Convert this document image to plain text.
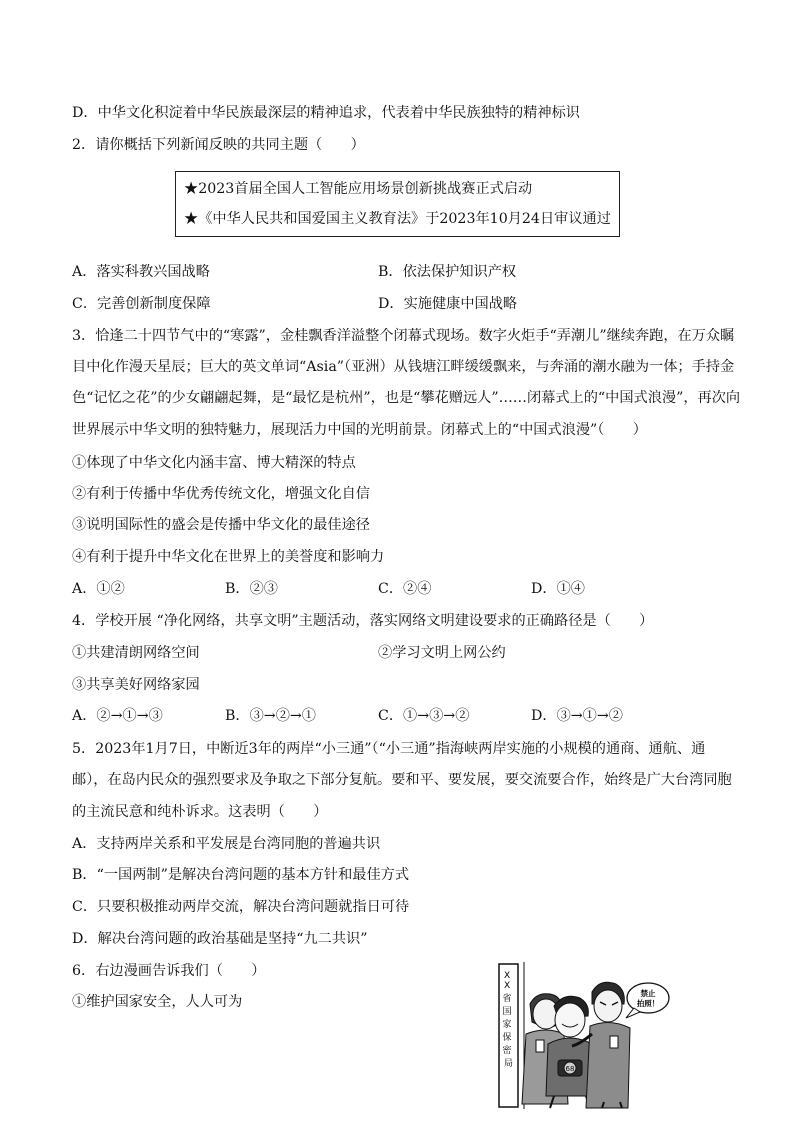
D．中华文化积淀着中华民族最深层的精神追求，代表着中华民族独特的精神标识
2．请你概括下列新闻反映的共同主题（　　）
★2023首届全国人工智能应用场景创新挑战赛正式启动
★《中华人民共和国爱国主义教育法》于2023年10月24日审议通过
A．落实科教兴国战略	B．依法保护知识产权
C．完善创新制度保障	D．实施健康中国战略
3．恰逢二十四节气中的“寒露”，金桂飘香洋溢整个闭幕式现场。数字火炬手“弄潮儿”继续奔跑，在万众瞩
目中化作漫天星辰；巨大的英文单词“Asia”（亚洲）从钱塘江畔缓缓飘来，与奔涌的潮水融为一体；手持金
色“记忆之花”的少女翩翩起舞，是“最忆是杭州”，也是“攀花赠远人”……闭幕式上的“中国式浪漫”，再次向
世界展示中华文明的独特魅力，展现活力中国的光明前景。闭幕式上的“中国式浪漫”（　　）
①体现了中华文化内涵丰富、博大精深的特点
②有利于传播中华优秀传统文化，增强文化自信
③说明国际性的盛会是传播中华文化的最佳途径
④有利于提升中华文化在世界上的美誉度和影响力
A．①②	B．②③	C．②④	D．①④
4．学校开展 “净化网络，共享文明”主题活动，落实网络文明建设要求的正确路径是（　　）
①共建清朗网络空间	②学习文明上网公约
③共享美好网络家园
A．②→①→③	B．③→②→①	C．①→③→②	D．③→①→②
5．2023年1月7日，中断近3年的两岸“小三通”（“小三通”指海峡两岸实施的小规模的通商、通航、通
邮），在岛内民众的强烈要求及争取之下部分复航。要和平、要发展，要交流要合作，始终是广大台湾同胞
的主流民意和纯朴诉求。这表明（　　）
A．支持两岸关系和平发展是台湾同胞的普遍共识
B．“一国两制”是解决台湾问题的基本方针和最佳方式
C．只要积极推动两岸交流，解决台湾问题就指日可待
D．解决台湾问题的政治基础是坚持“九二共识”
6．右边漫画告诉我们（　　）
①维护国家安全，人人可为
X X 省 国 家 保 密 局	68
禁止
拍照！
